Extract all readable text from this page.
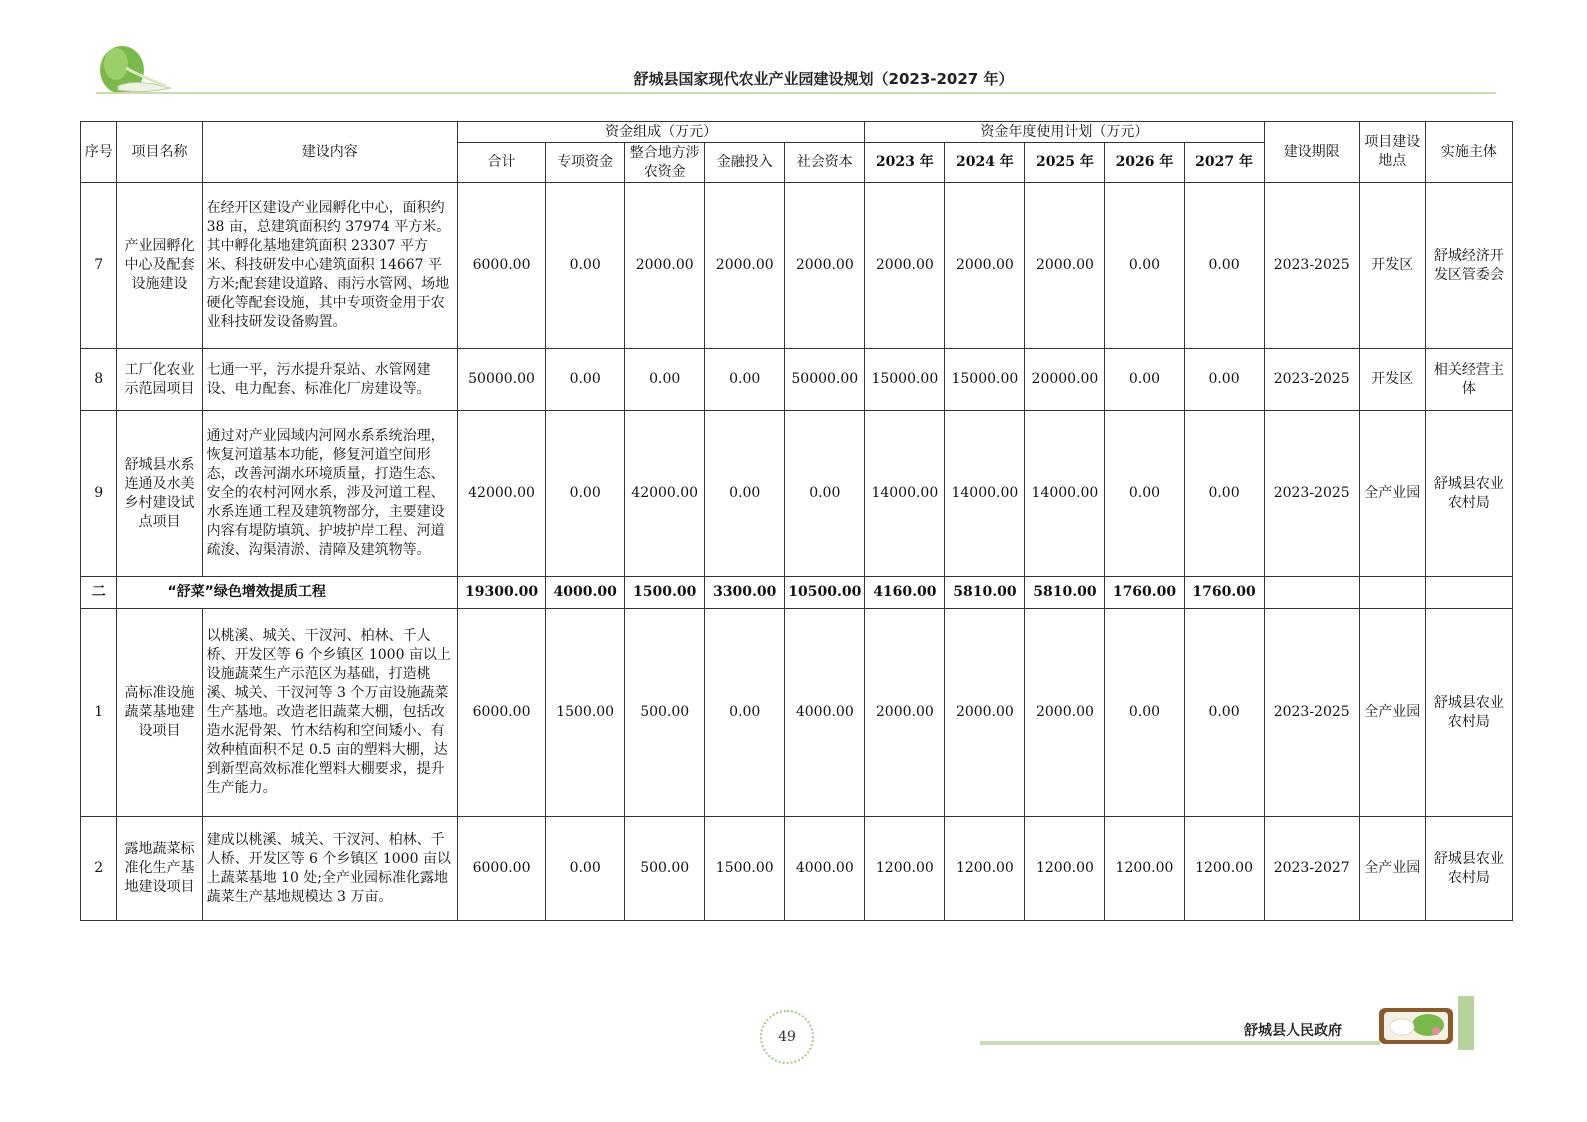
舒城县国家现代农业产业园建设规划（2023-2027 年）
序号	项目名称	建设内容	资金组成（万元）					资金年度使用计划（万元）					建设期限	项目建设地点	实施主体
			合计	专项资金	整合地方涉农资金	金融投入	社会资本	2023 年	2024 年	2025 年	2026 年	2027 年			
7	产业园孵化中心及配套设施建设	在经开区建设产业园孵化中心，面积约 38 亩，总建筑面积约 37974 平方米。其中孵化基地建筑面积 23307 平方米、科技研发中心建筑面积 14667 平方米;配套建设道路、雨污水管网、场地硬化等配套设施，其中专项资金用于农业科技研发设备购置。	6000.00	0.00	2000.00	2000.00	2000.00	2000.00	2000.00	2000.00	0.00	0.00	2023-2025	开发区	舒城经济开发区管委会
8	工厂化农业示范园项目	七通一平，污水提升泵站、水管网建设、电力配套、标准化厂房建设等。	50000.00	0.00	0.00	0.00	50000.00	15000.00	15000.00	20000.00	0.00	0.00	2023-2025	开发区	相关经营主体
9	舒城县水系连通及水美乡村建设试点项目	通过对产业园域内河网水系系统治理，恢复河道基本功能，修复河道空间形态，改善河湖水环境质量，打造生态、安全的农村河网水系，涉及河道工程、水系连通工程及建筑物部分，主要建设内容有堤防填筑、护坡护岸工程、河道疏浚、沟渠清淤、清障及建筑物等。	42000.00	0.00	42000.00	0.00	0.00	14000.00	14000.00	14000.00	0.00	0.00	2023-2025	全产业园	舒城县农业农村局
二	“舒菜”绿色增效提质工程		19300.00	4000.00	1500.00	3300.00	10500.00	4160.00	5810.00	5810.00	1760.00	1760.00			
1	高标准设施蔬菜基地建设项目	以桃溪、城关、干汊河、柏林、千人桥、开发区等 6 个乡镇区 1000 亩以上设施蔬菜生产示范区为基础，打造桃溪、城关、干汊河等 3 个万亩设施蔬菜生产基地。改造老旧蔬菜大棚，包括改造水泥骨架、竹木结构和空间矮小、有效种植面积不足 0.5 亩的塑料大棚，达到新型高效标准化塑料大棚要求，提升生产能力。	6000.00	1500.00	500.00	0.00	4000.00	2000.00	2000.00	2000.00	0.00	0.00	2023-2025	全产业园	舒城县农业农村局
2	露地蔬菜标准化生产基地建设项目	建成以桃溪、城关、干汊河、柏林、千人桥、开发区等 6 个乡镇区 1000 亩以上蔬菜基地 10 处;全产业园标准化露地蔬菜生产基地规模达 3 万亩。	6000.00	0.00	500.00	1500.00	4000.00	1200.00	1200.00	1200.00	1200.00	1200.00	2023-2027	全产业园	舒城县农业农村局
49	舒城县人民政府
